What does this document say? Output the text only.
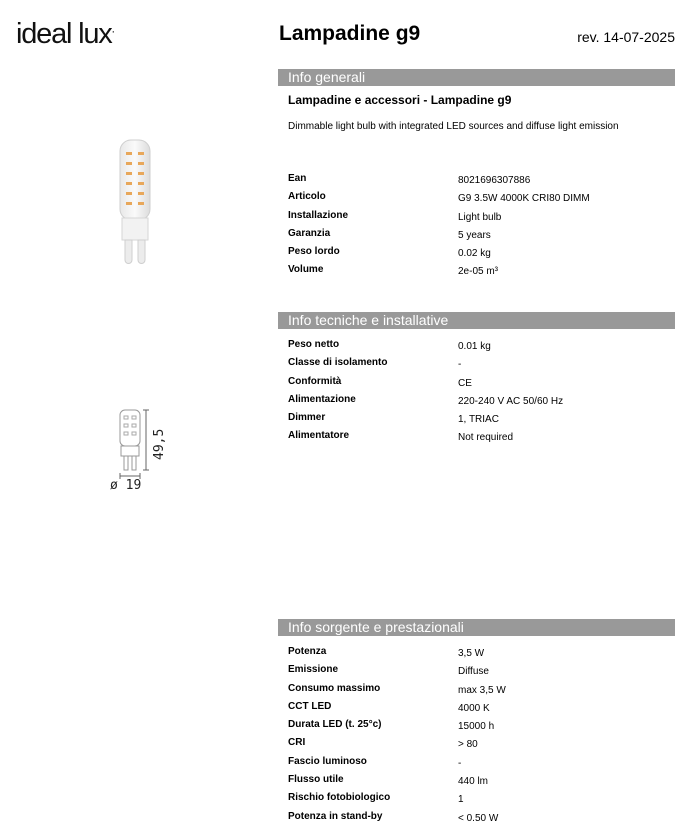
ideal lux.	Lampadine g9	rev. 14-07-2025
49,5
ø 19
Info generali
Lampadine e accessori - Lampadine g9
Dimmable light bulb with integrated LED sources and diffuse light emission
Ean	8021696307886
Articolo	G9 3.5W 4000K CRI80 DIMM
Installazione	Light bulb
Garanzia	5 years
Peso lordo	0.02 kg
Volume	2e-05 m³
Info tecniche e installative
Peso netto	0.01 kg
Classe di isolamento	-
Conformità	CE
Alimentazione	220-240 V AC 50/60 Hz
Dimmer	1, TRIAC
Alimentatore	Not required
Info sorgente e prestazionali
Potenza	3,5 W
Emissione	Diffuse
Consumo massimo	max 3,5 W
CCT LED	4000 K
Durata LED (t. 25°c)	15000 h
CRI	> 80
Fascio luminoso	-
Flusso utile	440 lm
Rischio fotobiologico	1
Potenza in stand-by	< 0.50 W
